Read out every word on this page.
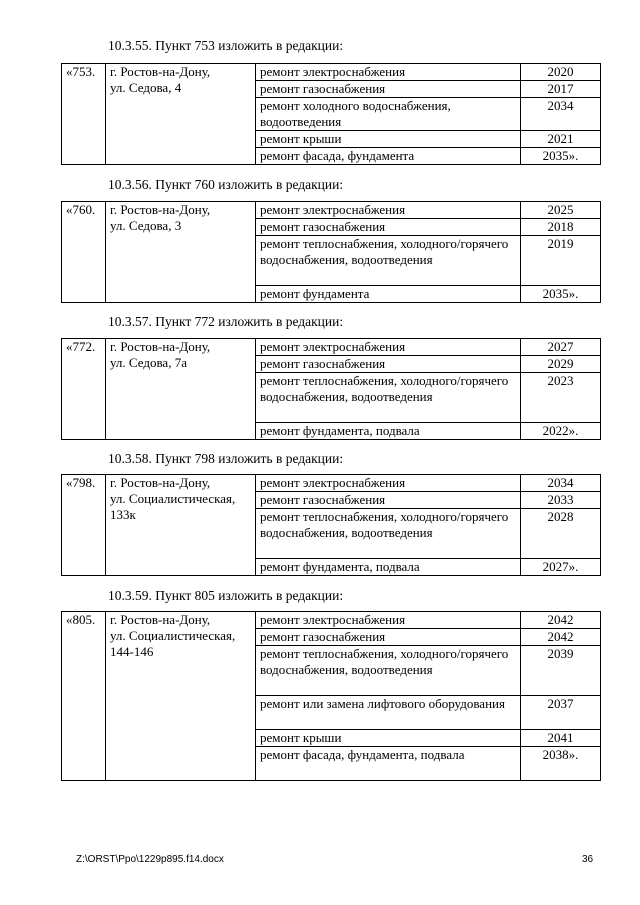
10.3.55. Пункт 753 изложить в редакции:
«753.	г. Ростов-на-Дону,
ул. Седова, 4	ремонт электроснабжения	2020
		ремонт газоснабжения	2017
		ремонт холодного водоснабжения, водоотведения	2034
		ремонт крыши	2021
		ремонт фасада, фундамента	2035».
10.3.56. Пункт 760 изложить в редакции:
«760.	г. Ростов-на-Дону,
ул. Седова, 3	ремонт электроснабжения	2025
		ремонт газоснабжения	2018
		ремонт теплоснабжения, холодного/горячего водоснабжения, водоотведения	2019
		ремонт фундамента	2035».
10.3.57. Пункт 772 изложить в редакции:
«772.	г. Ростов-на-Дону,
ул. Седова, 7а	ремонт электроснабжения	2027
		ремонт газоснабжения	2029
		ремонт теплоснабжения, холодного/горячего водоснабжения, водоотведения	2023
		ремонт фундамента, подвала	2022».
10.3.58. Пункт 798 изложить в редакции:
«798.	г. Ростов-на-Дону,
ул. Социалистическая,
133к	ремонт электроснабжения	2034
		ремонт газоснабжения	2033
		ремонт теплоснабжения, холодного/горячего водоснабжения, водоотведения	2028
		ремонт фундамента, подвала	2027».
10.3.59. Пункт 805 изложить в редакции:
«805.	г. Ростов-на-Дону,
ул. Социалистическая,
144-146	ремонт электроснабжения	2042
		ремонт газоснабжения	2042
		ремонт теплоснабжения, холодного/горячего водоснабжения, водоотведения	2039
		ремонт или замена лифтового оборудования	2037
		ремонт крыши	2041
		ремонт фасада, фундамента, подвала	2038».
Z:\ORST\Ppo\1229p895.f14.docx	36
